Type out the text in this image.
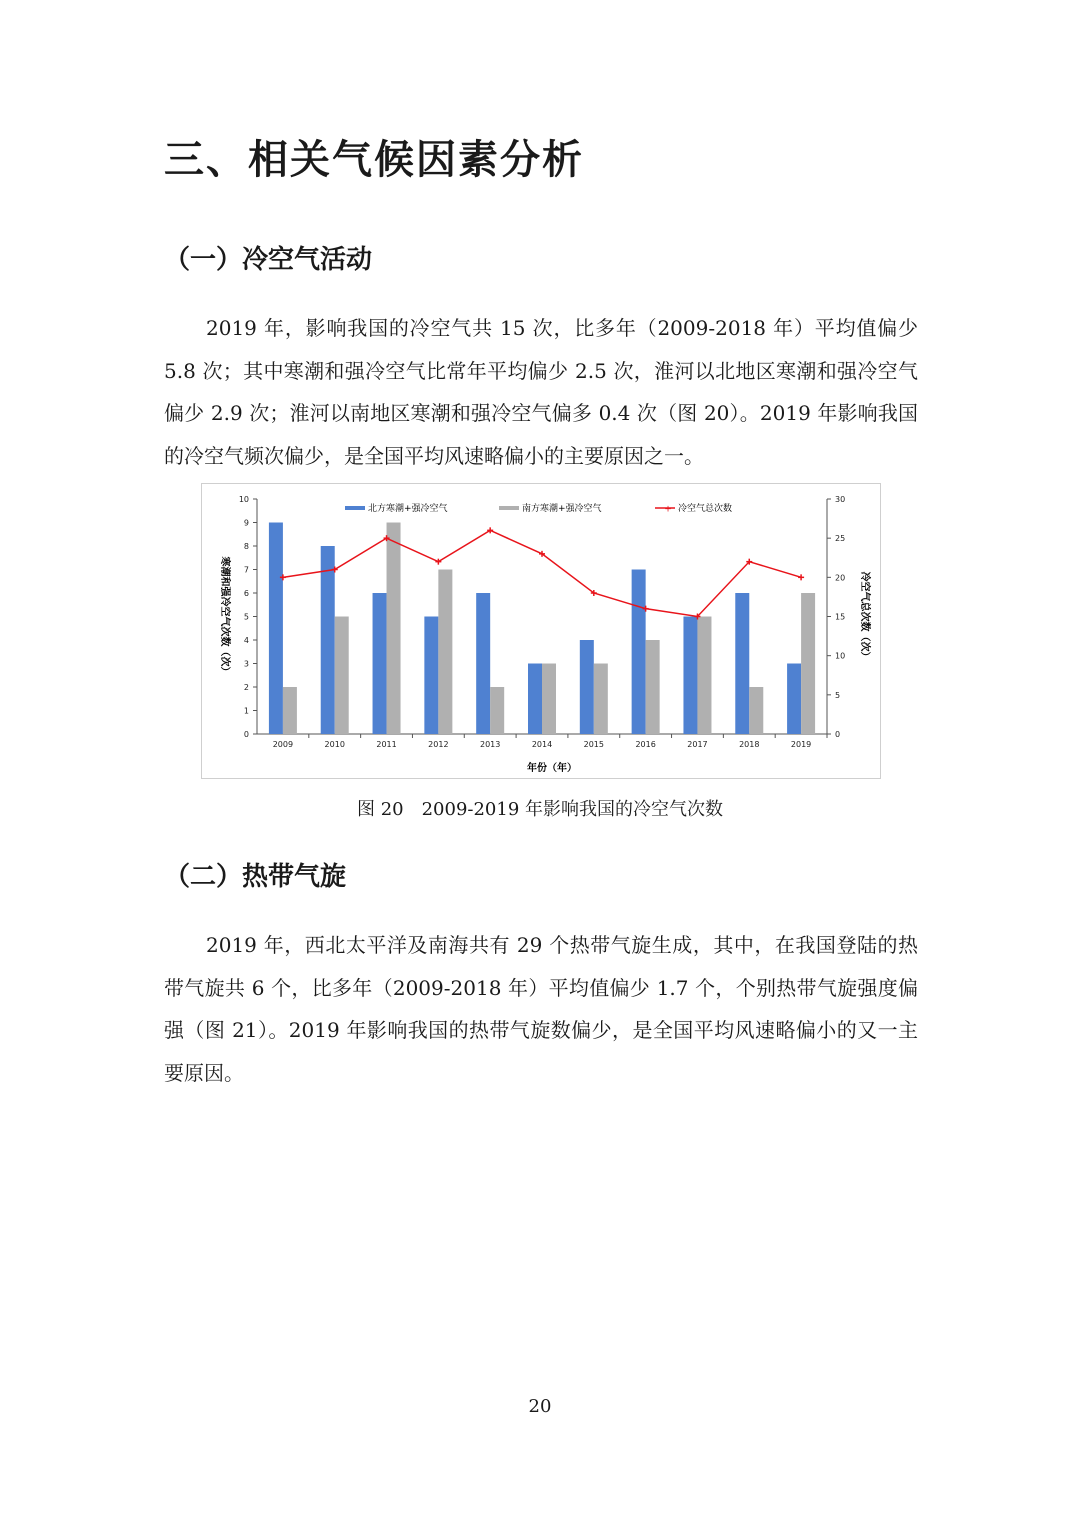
三、相关气候因素分析
（一）冷空气活动

2019 年，影响我国的冷空气共 15 次，比多年（2009-2018 年）平均值偏少 5.8 次；其中寒潮和强冷空气比常年平均偏少 2.5 次，淮河以北地区寒潮和强冷空气偏少 2.9 次；淮河以南地区寒潮和强冷空气偏多 0.4 次（图 20）。2019 年影响我国的冷空气频次偏少，是全国平均风速略偏小的主要原因之一。

北方寒潮+强冷空气	南方寒潮+强冷空气	+ 冷空气总次数
0
1
2
3
4
5
6
7
8
9
10
0
5
10
15
20
25
30
2009	2010	2011	2012	2013	2014	2015	2016	2017	2018	2019
年份（年）
寒潮和强冷空气次数（次）	冷空气总次数（次）
图 20　2009-2019 年影响我国的冷空气次数
（二）热带气旋

2019 年，西北太平洋及南海共有 29 个热带气旋生成，其中，在我国登陆的热带气旋共 6 个，比多年（2009-2018 年）平均值偏少 1.7 个，个别热带气旋强度偏强（图 21）。2019 年影响我国的热带气旋数偏少，是全国平均风速略偏小的又一主要原因。

20
